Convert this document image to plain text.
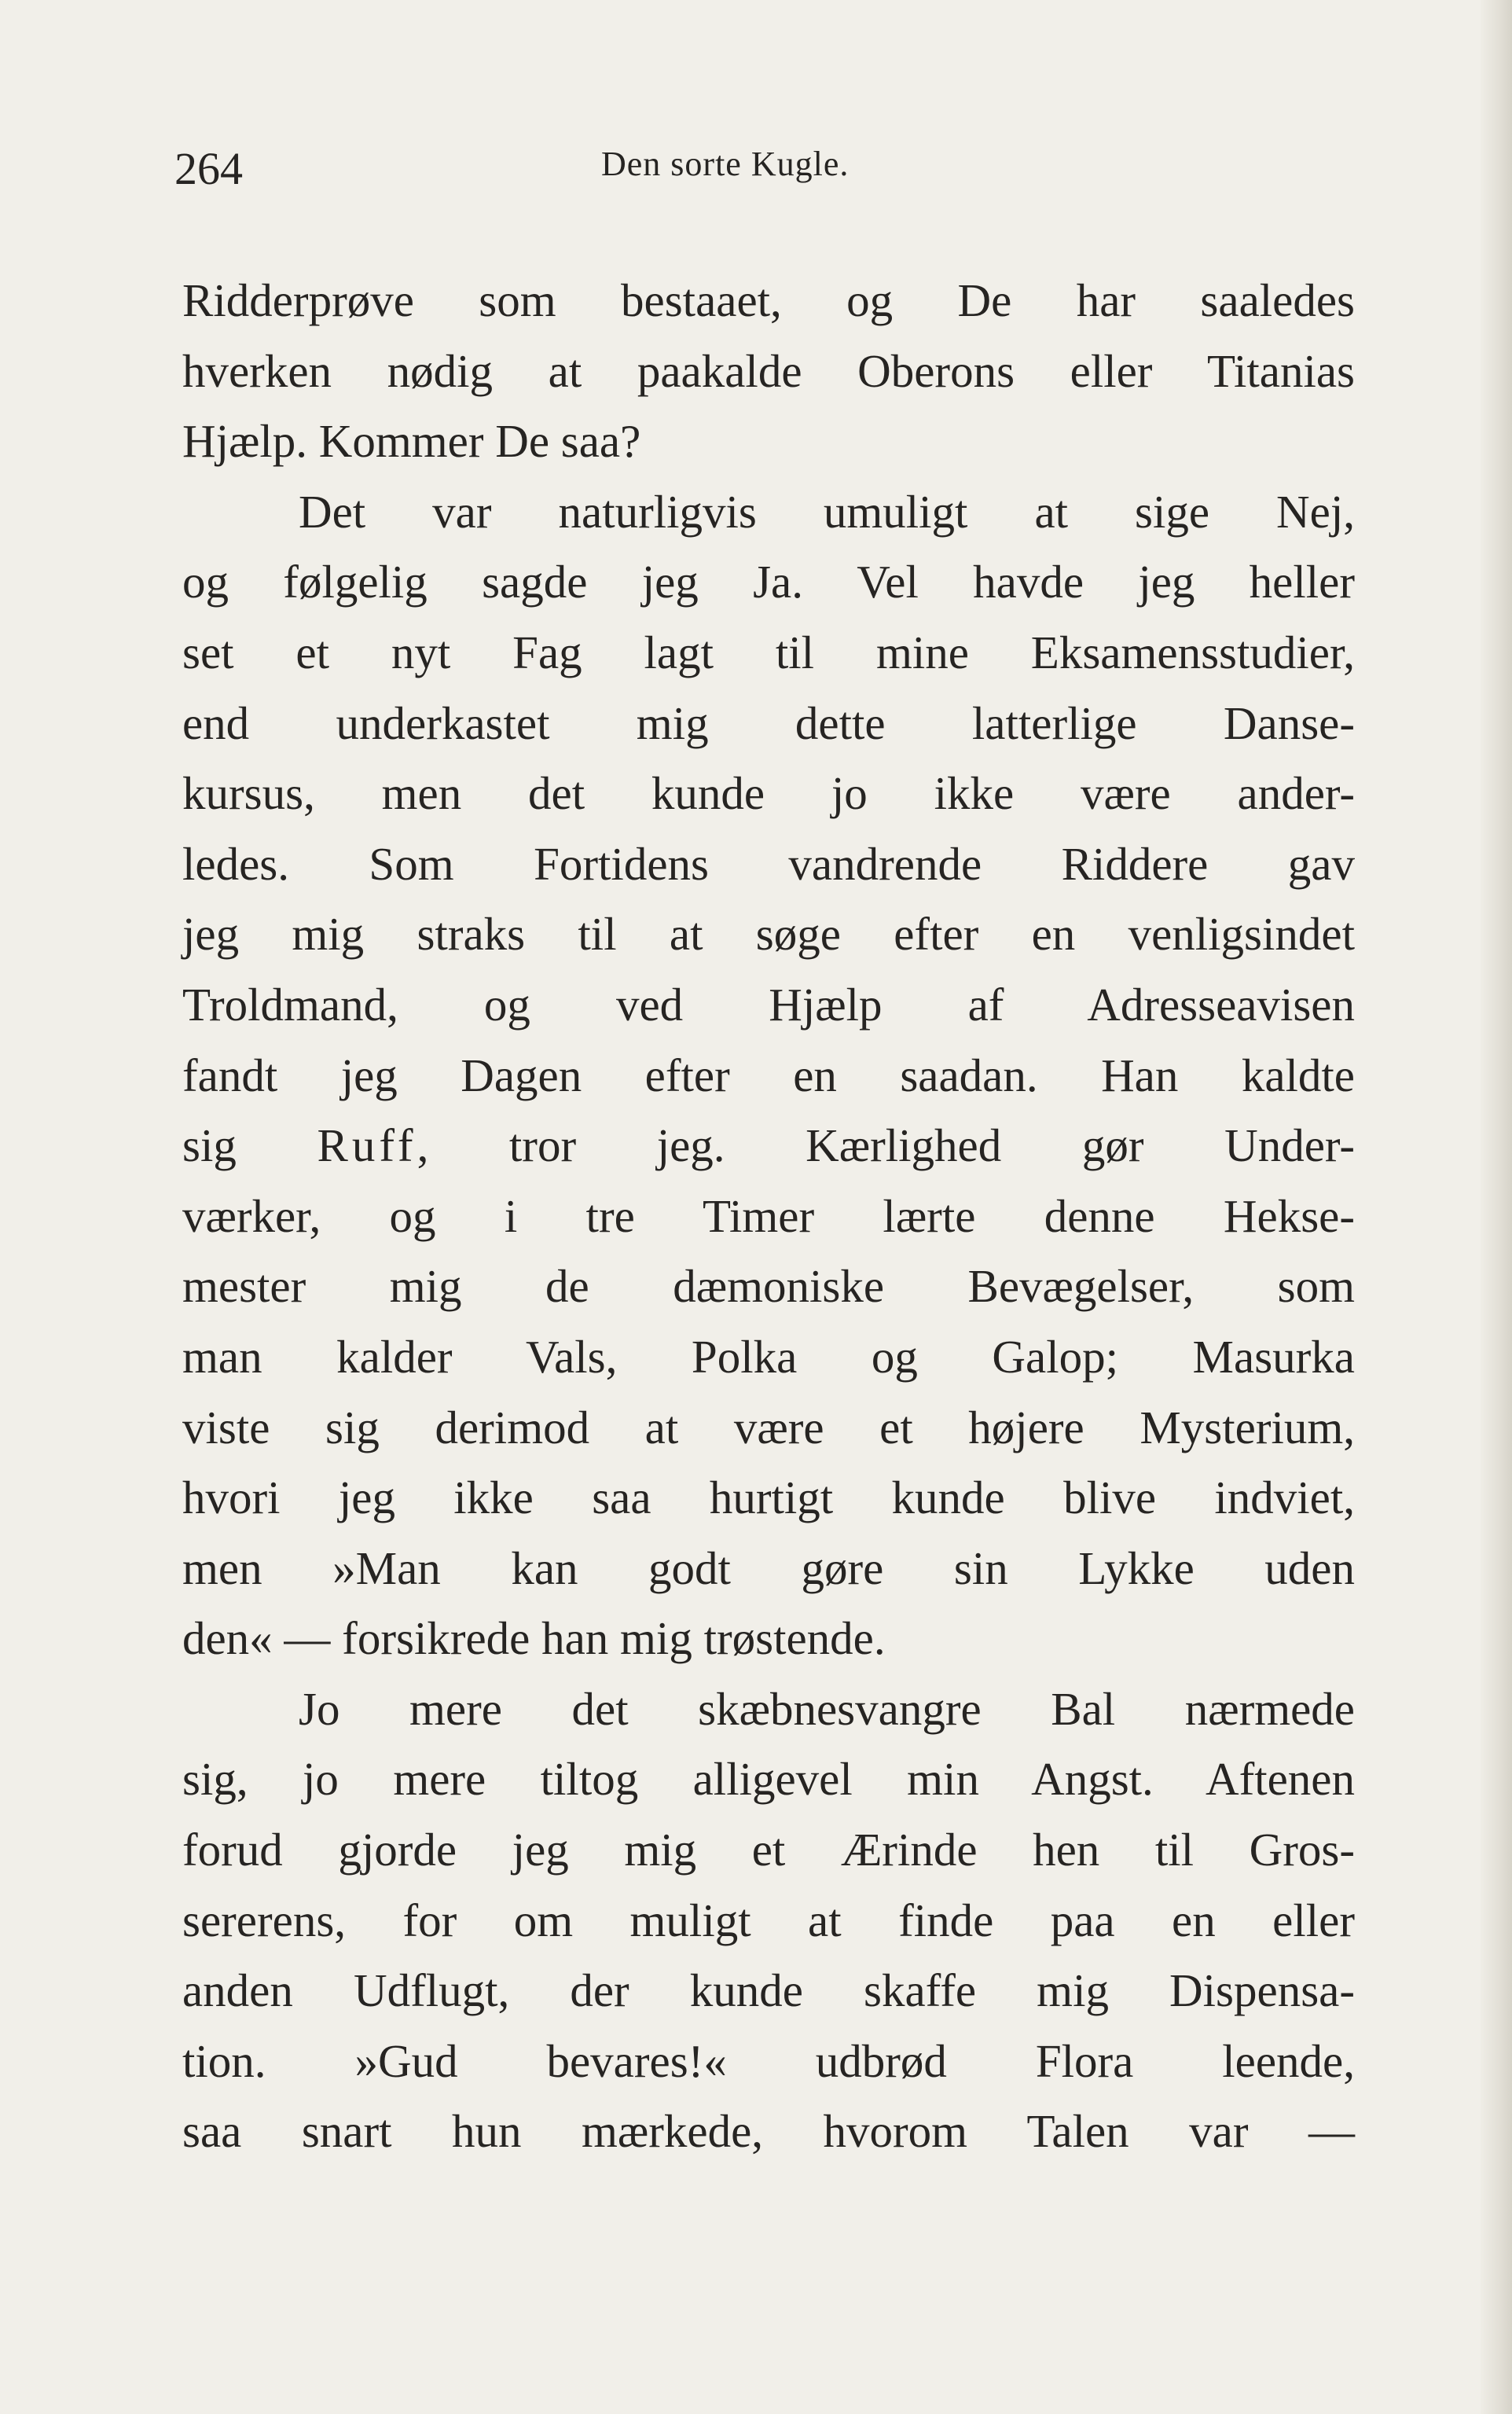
264	Den sorte Kugle.
Ridderprøve som bestaaet, og De har saaledes
hverken nødig at paakalde Oberons eller Titanias
Hjælp. Kommer De saa?
Det var naturligvis umuligt at sige Nej,
og følgelig sagde jeg Ja. Vel havde jeg heller
set et nyt Fag lagt til mine Eksamensstudier,
end underkastet mig dette latterlige Danse-
kursus, men det kunde jo ikke være ander-
ledes. Som Fortidens vandrende Riddere gav
jeg mig straks til at søge efter en venligsindet
Troldmand, og ved Hjælp af Adresseavisen
fandt jeg Dagen efter en saadan. Han kaldte
sig Ruff, tror jeg. Kærlighed gør Under-
værker, og i tre Timer lærte denne Hekse-
mester mig de dæmoniske Bevægelser, som
man kalder Vals, Polka og Galop; Masurka
viste sig derimod at være et højere Mysterium,
hvori jeg ikke saa hurtigt kunde blive indviet,
men »Man kan godt gøre sin Lykke uden
den« — forsikrede han mig trøstende.
Jo mere det skæbnesvangre Bal nærmede
sig, jo mere tiltog alligevel min Angst. Aftenen
forud gjorde jeg mig et Ærinde hen til Gros-
sererens, for om muligt at finde paa en eller
anden Udflugt, der kunde skaffe mig Dispensa-
tion. »Gud bevares!« udbrød Flora leende,
saa snart hun mærkede, hvorom Talen var —
